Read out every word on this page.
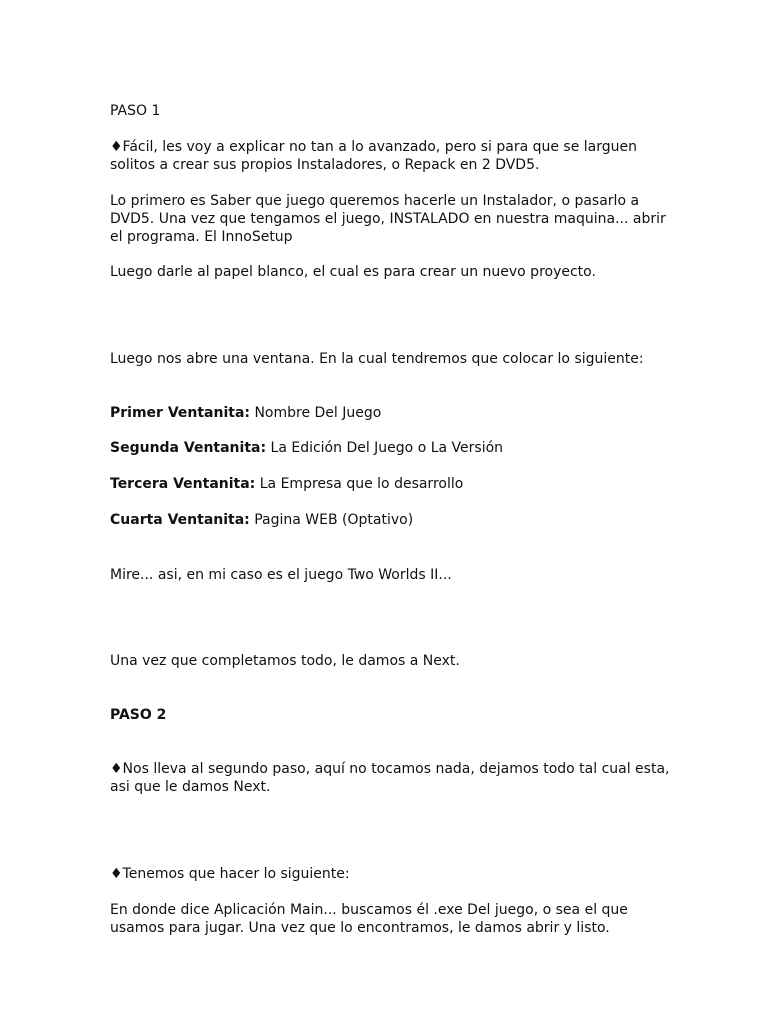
PASO 1

♦Fácil, les voy a explicar no tan a lo avanzado, pero si para que se larguen solitos a crear sus propios Instaladores, o Repack en 2 DVD5.

Lo primero es Saber que juego queremos hacerle un Instalador, o pasarlo a DVD5. Una vez que tengamos el juego, INSTALADO en nuestra maquina... abrir el programa. El InnoSetup

Luego darle al papel blanco, el cual es para crear un nuevo proyecto.

Luego nos abre una ventana. En la cual tendremos que colocar lo siguiente:

Primer Ventanita: Nombre Del Juego

Segunda Ventanita: La Edición Del Juego o La Versión

Tercera Ventanita: La Empresa que lo desarrollo

Cuarta Ventanita: Pagina WEB (Optativo)

Mire... asi, en mi caso es el juego Two Worlds II...

Una vez que completamos todo, le damos a Next.

PASO 2

♦Nos lleva al segundo paso, aquí no tocamos nada, dejamos todo tal cual esta, asi que le damos Next.

♦Tenemos que hacer lo siguiente:

En donde dice Aplicación Main... buscamos él .exe Del juego, o sea el que usamos para jugar. Una vez que lo encontramos, le damos abrir y listo.
